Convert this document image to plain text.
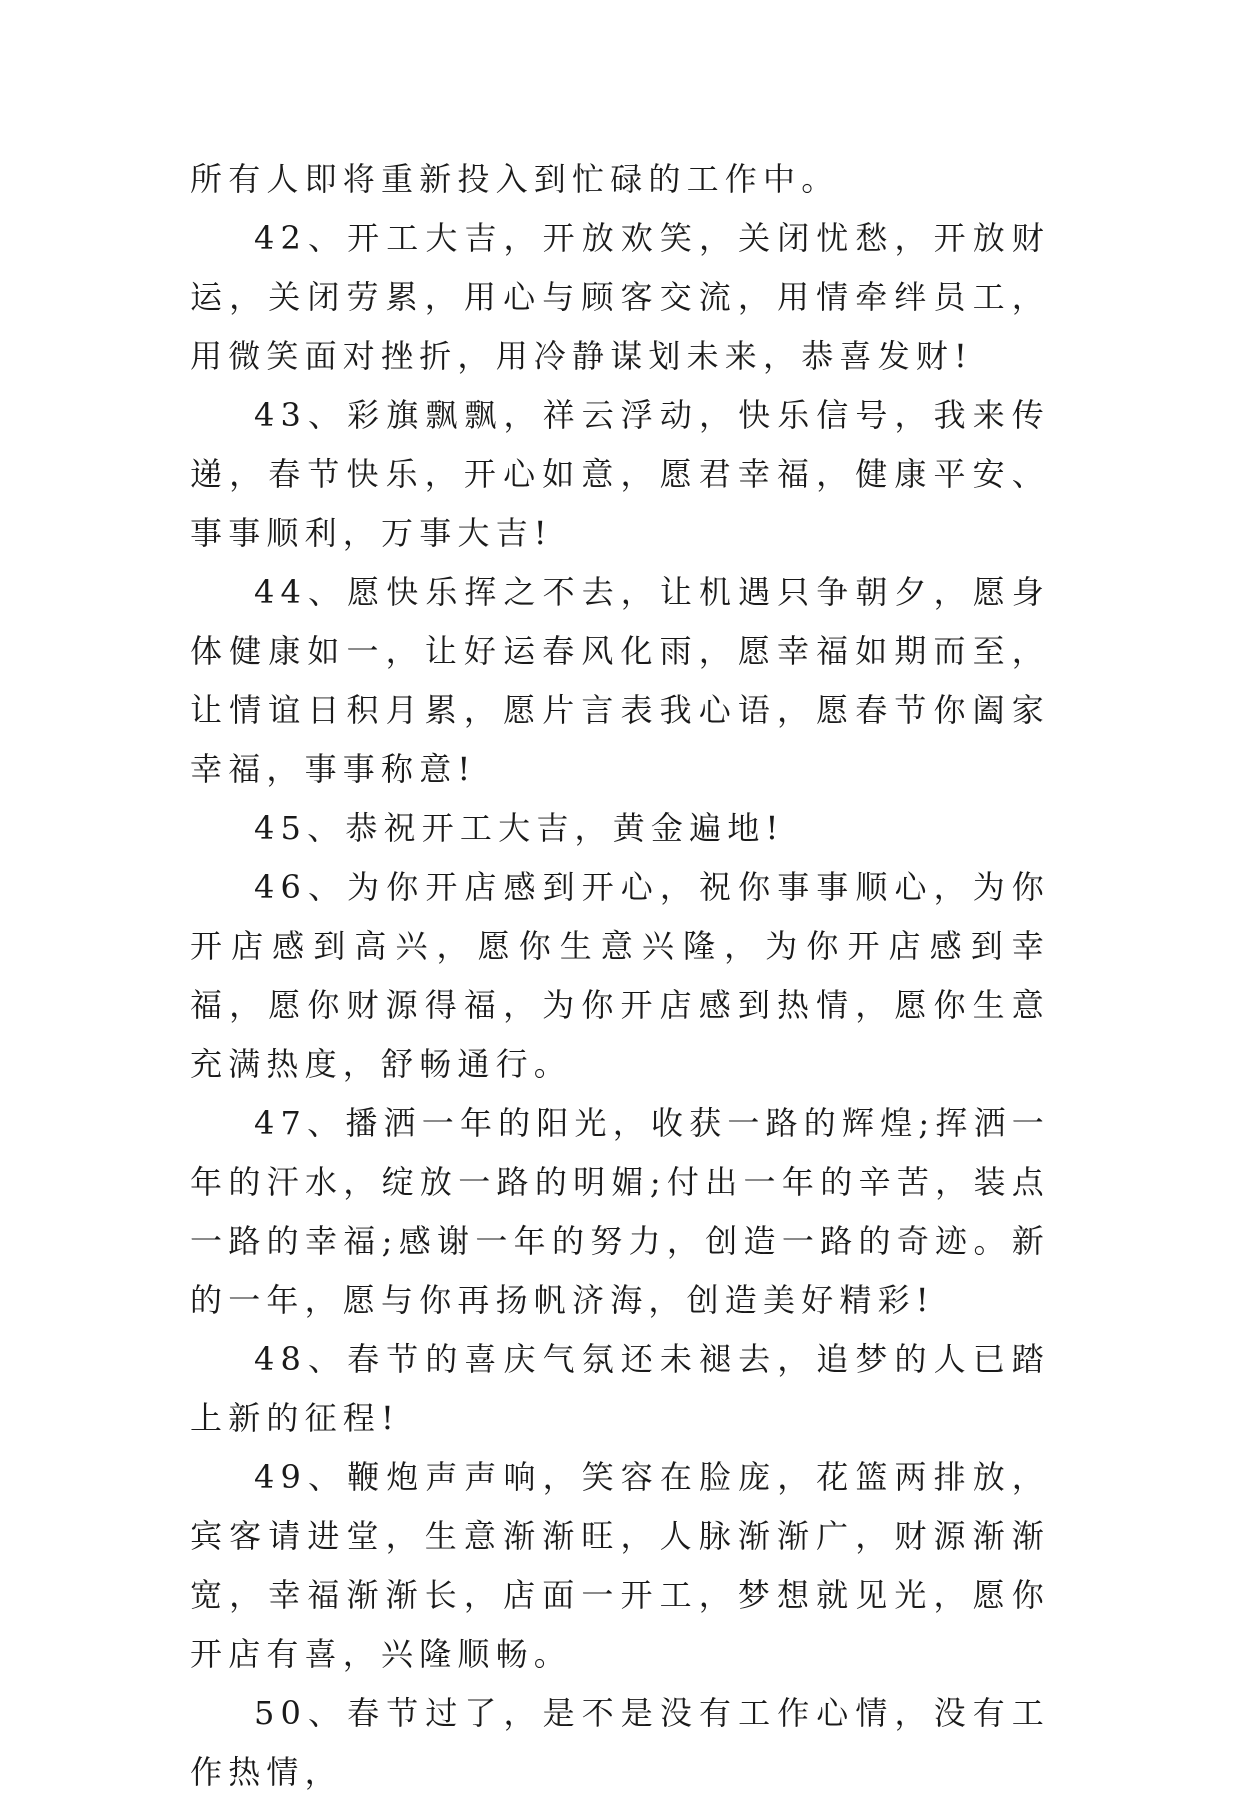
所有人即将重新投入到忙碌的工作中。

42、开工大吉，开放欢笑，关闭忧愁，开放财运，关闭劳累，用心与顾客交流，用情牵绊员工，用微笑面对挫折，用冷静谋划未来，恭喜发财!

43、彩旗飘飘，祥云浮动，快乐信号，我来传递，春节快乐，开心如意，愿君幸福，健康平安、事事顺利，万事大吉!

44、愿快乐挥之不去，让机遇只争朝夕，愿身体健康如一，让好运春风化雨，愿幸福如期而至，让情谊日积月累，愿片言表我心语，愿春节你阖家幸福，事事称意!

45、恭祝开工大吉，黄金遍地!

46、为你开店感到开心，祝你事事顺心，为你开店感到高兴，愿你生意兴隆，为你开店感到幸福，愿你财源得福，为你开店感到热情，愿你生意充满热度，舒畅通行。

47、播洒一年的阳光，收获一路的辉煌;挥洒一年的汗水，绽放一路的明媚;付出一年的辛苦，装点一路的幸福;感谢一年的努力，创造一路的奇迹。新的一年，愿与你再扬帆济海，创造美好精彩!

48、春节的喜庆气氛还未褪去，追梦的人已踏上新的征程!

49、鞭炮声声响，笑容在脸庞，花篮两排放，宾客请进堂，生意渐渐旺，人脉渐渐广，财源渐渐宽，幸福渐渐长，店面一开工，梦想就见光，愿你开店有喜，兴隆顺畅。

50、春节过了，是不是没有工作心情，没有工作热情，
